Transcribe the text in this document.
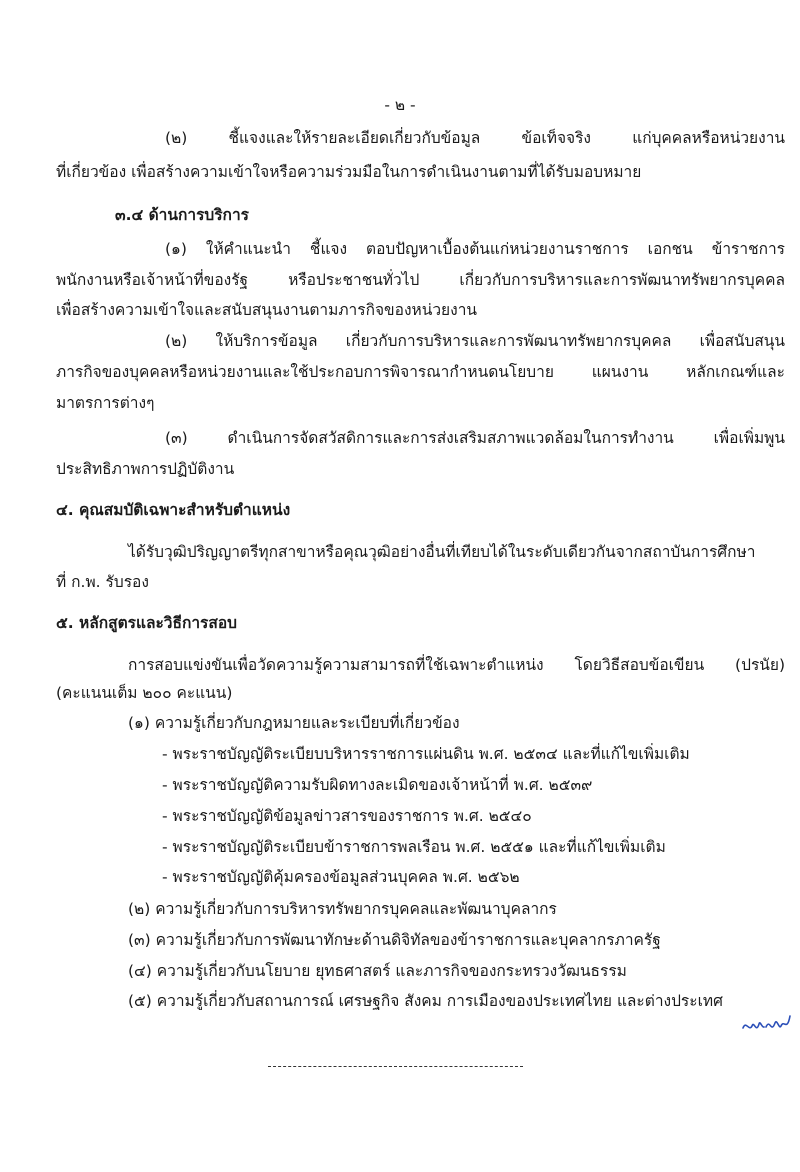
- ๒ -
(๒) ชี้แจงและให้รายละเอียดเกี่ยวกับข้อมูล ข้อเท็จจริง แก่บุคคลหรือหน่วยงาน
ที่เกี่ยวข้อง เพื่อสร้างความเข้าใจหรือความร่วมมือในการดำเนินงานตามที่ได้รับมอบหมาย
๓.๔ ด้านการบริการ
(๑) ให้คำแนะนำ ชี้แจง ตอบปัญหาเบื้องต้นแก่หน่วยงานราชการ เอกชน ข้าราชการ
พนักงานหรือเจ้าหน้าที่ของรัฐ หรือประชาชนทั่วไป เกี่ยวกับการบริหารและการพัฒนาทรัพยากรบุคคล
เพื่อสร้างความเข้าใจและสนับสนุนงานตามภารกิจของหน่วยงาน
(๒) ให้บริการข้อมูล เกี่ยวกับการบริหารและการพัฒนาทรัพยากรบุคคล เพื่อสนับสนุน
ภารกิจของบุคคลหรือหน่วยงานและใช้ประกอบการพิจารณากำหนดนโยบาย แผนงาน หลักเกณฑ์และ
มาตรการต่างๆ
(๓) ดำเนินการจัดสวัสดิการและการส่งเสริมสภาพแวดล้อมในการทำงาน เพื่อเพิ่มพูน
ประสิทธิภาพการปฏิบัติงาน
๔. คุณสมบัติเฉพาะสำหรับตำแหน่ง
ได้รับวุฒิปริญญาตรีทุกสาขาหรือคุณวุฒิอย่างอื่นที่เทียบได้ในระดับเดียวกันจากสถาบันการศึกษา
ที่ ก.พ. รับรอง
๕. หลักสูตรและวิธีการสอบ
การสอบแข่งขันเพื่อวัดความรู้ความสามารถที่ใช้เฉพาะตำแหน่ง โดยวิธีสอบข้อเขียน (ปรนัย)
(คะแนนเต็ม ๒๐๐ คะแนน)
(๑) ความรู้เกี่ยวกับกฎหมายและระเบียบที่เกี่ยวข้อง
- พระราชบัญญัติระเบียบบริหารราชการแผ่นดิน พ.ศ. ๒๕๓๔ และที่แก้ไขเพิ่มเติม
- พระราชบัญญัติความรับผิดทางละเมิดของเจ้าหน้าที่ พ.ศ. ๒๕๓๙
- พระราชบัญญัติข้อมูลข่าวสารของราชการ พ.ศ. ๒๕๔๐
- พระราชบัญญัติระเบียบข้าราชการพลเรือน พ.ศ. ๒๕๕๑ และที่แก้ไขเพิ่มเติม
- พระราชบัญญัติคุ้มครองข้อมูลส่วนบุคคล พ.ศ. ๒๕๖๒
(๒) ความรู้เกี่ยวกับการบริหารทรัพยากรบุคคลและพัฒนาบุคลากร
(๓) ความรู้เกี่ยวกับการพัฒนาทักษะด้านดิจิทัลของข้าราชการและบุคลากรภาครัฐ
(๔) ความรู้เกี่ยวกับนโยบาย ยุทธศาสตร์ และภารกิจของกระทรวงวัฒนธรรม
(๕) ความรู้เกี่ยวกับสถานการณ์ เศรษฐกิจ สังคม การเมืองของประเทศไทย และต่างประเทศ
